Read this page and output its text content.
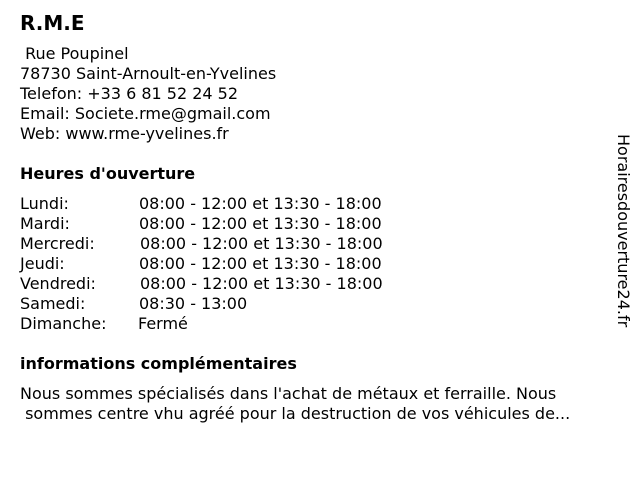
R.M.E
Rue Poupinel
78730 Saint-Arnoult-en-Yvelines
Telefon: +33 6 81 52 24 52
Email: Societe.rme@gmail.com
Web: www.rme-yvelines.fr
Heures d'ouverture
Lundi:	08:00 - 12:00 et 13:30 - 18:00
Mardi:	08:00 - 12:00 et 13:30 - 18:00
Mercredi:	08:00 - 12:00 et 13:30 - 18:00
Jeudi:	08:00 - 12:00 et 13:30 - 18:00
Vendredi:	08:00 - 12:00 et 13:30 - 18:00
Samedi:	08:30 - 13:00
Dimanche: Fermé
informations complémentaires
Nous sommes spécialisés dans l'achat de métaux et ferraille. Nous
sommes centre vhu agréé pour la destruction de vos véhicules de...
Horairesdouverture24.fr
